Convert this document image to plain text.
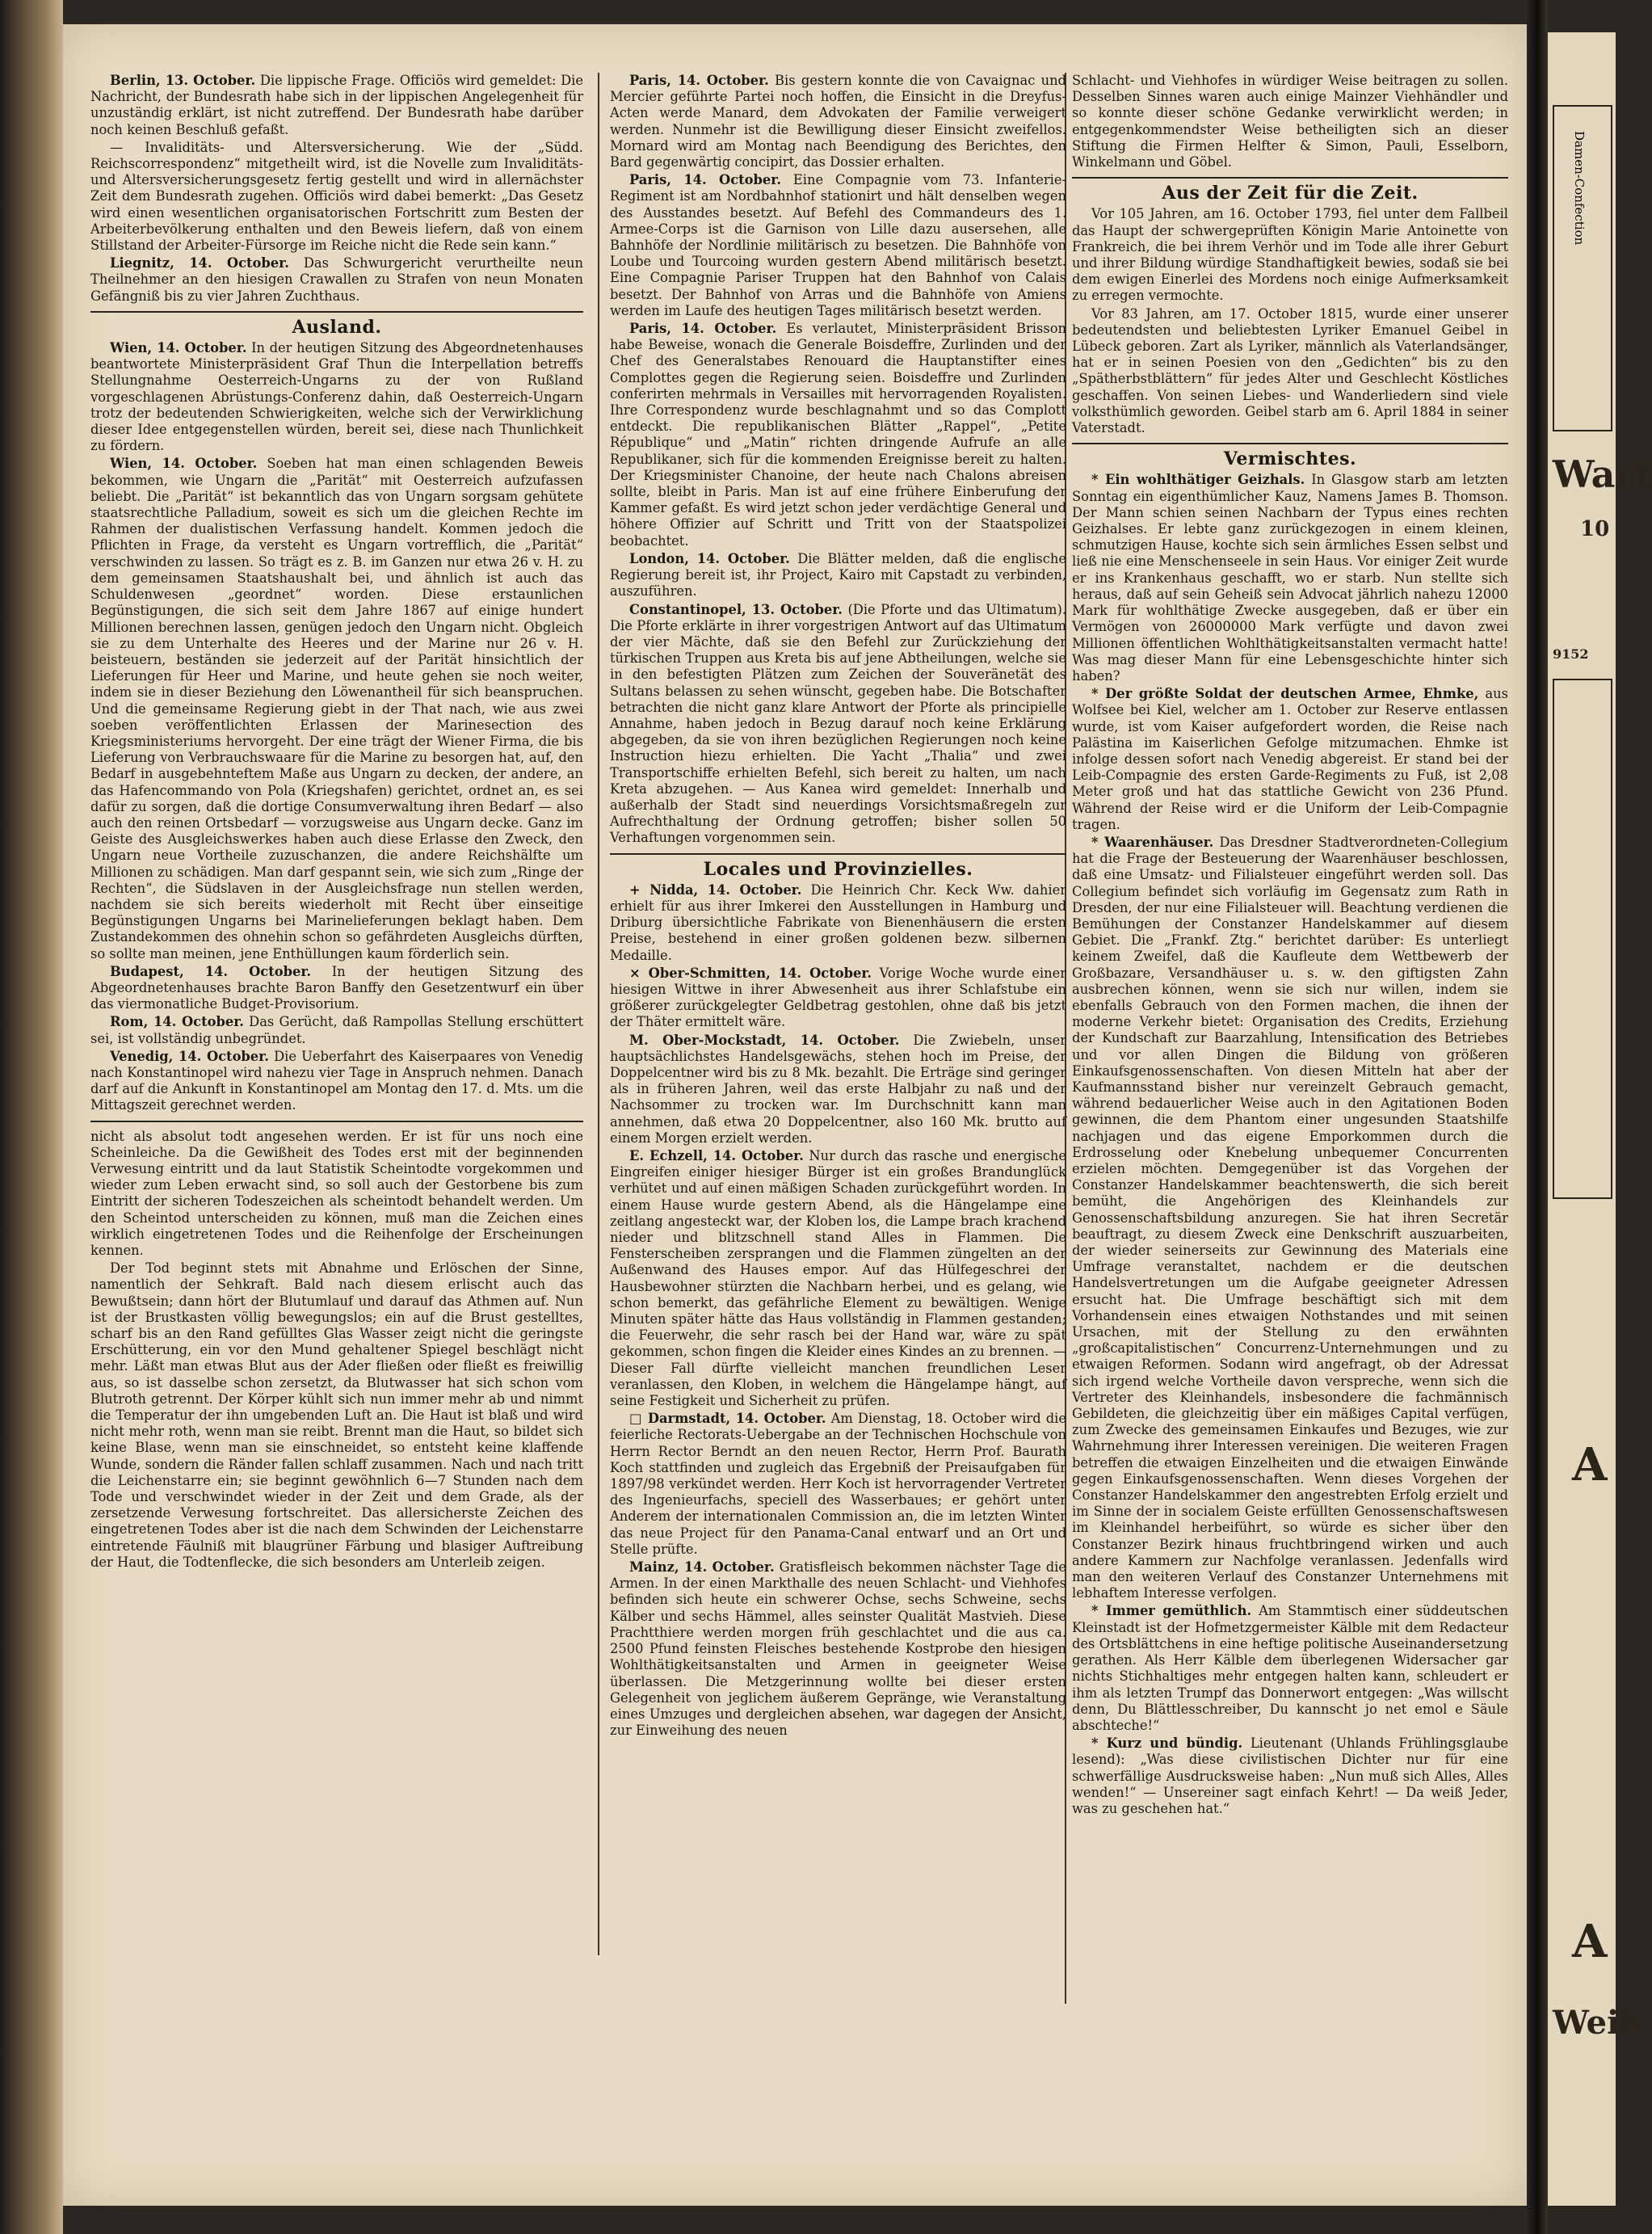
Damen-Confection
Wart
10
9152
A
A
Weiß

Berlin, 13. October. Die lippische Frage. Officiös wird gemeldet: Die Nachricht, der Bundesrath habe sich in der lippischen Angelegenheit für unzuständig erklärt, ist nicht zutreffend. Der Bundesrath habe darüber noch keinen Beschluß gefaßt.

— Invaliditäts- und Altersversicherung. Wie der „Südd. Reichscorrespondenz“ mitgetheilt wird, ist die Novelle zum Invaliditäts- und Altersversicherungsgesetz fertig gestellt und wird in allernächster Zeit dem Bundesrath zugehen. Officiös wird dabei bemerkt: „Das Gesetz wird einen wesentlichen organisatorischen Fortschritt zum Besten der Arbeiterbevölkerung enthalten und den Beweis liefern, daß von einem Stillstand der Arbeiter-Fürsorge im Reiche nicht die Rede sein kann.“

Liegnitz, 14. October. Das Schwurgericht verurtheilte neun Theilnehmer an den hiesigen Crawallen zu Strafen von neun Monaten Gefängniß bis zu vier Jahren Zuchthaus.

Ausland.

Wien, 14. October. In der heutigen Sitzung des Abgeordnetenhauses beantwortete Ministerpräsident Graf Thun die Interpellation betreffs Stellungnahme Oesterreich-Ungarns zu der von Rußland vorgeschlagenen Abrüstungs-Conferenz dahin, daß Oesterreich-Ungarn trotz der bedeutenden Schwierigkeiten, welche sich der Verwirklichung dieser Idee entgegenstellen würden, bereit sei, diese nach Thunlichkeit zu fördern.

Wien, 14. October. Soeben hat man einen schlagenden Beweis bekommen, wie Ungarn die „Parität“ mit Oesterreich aufzufassen beliebt. Die „Parität“ ist bekanntlich das von Ungarn sorgsam gehütete staatsrechtliche Palladium, soweit es sich um die gleichen Rechte im Rahmen der dualistischen Verfassung handelt. Kommen jedoch die Pflichten in Frage, da versteht es Ungarn vortrefflich, die „Parität“ verschwinden zu lassen. So trägt es z. B. im Ganzen nur etwa 26 v. H. zu dem gemeinsamen Staatshaushalt bei, und ähnlich ist auch das Schuldenwesen „geordnet“ worden. Diese erstaunlichen Begünstigungen, die sich seit dem Jahre 1867 auf einige hundert Millionen berechnen lassen, genügen jedoch den Ungarn nicht. Obgleich sie zu dem Unterhalte des Heeres und der Marine nur 26 v. H. beisteuern, beständen sie jederzeit auf der Parität hinsichtlich der Lieferungen für Heer und Marine, und heute gehen sie noch weiter, indem sie in dieser Beziehung den Löwenantheil für sich beanspruchen. Und die gemeinsame Regierung giebt in der That nach, wie aus zwei soeben veröffentlichten Erlassen der Marinesection des Kriegsministeriums hervorgeht. Der eine trägt der Wiener Firma, die bis Lieferung von Verbrauchswaare für die Marine zu besorgen hat, auf, den Bedarf in ausgebehnteftem Maße aus Ungarn zu decken, der andere, an das Hafencommando von Pola (Kriegshafen) gerichtet, ordnet an, es sei dafür zu sorgen, daß die dortige Consumverwaltung ihren Bedarf — also auch den reinen Ortsbedarf — vorzugsweise aus Ungarn decke. Ganz im Geiste des Ausgleichswerkes haben auch diese Erlasse den Zweck, den Ungarn neue Vortheile zuzuschanzen, die andere Reichshälfte um Millionen zu schädigen. Man darf gespannt sein, wie sich zum „Ringe der Rechten“, die Südslaven in der Ausgleichsfrage nun stellen werden, nachdem sie sich bereits wiederholt mit Recht über einseitige Begünstigungen Ungarns bei Marinelieferungen beklagt haben. Dem Zustandekommen des ohnehin schon so gefährdeten Ausgleichs dürften, so sollte man meinen, jene Enthüllungen kaum förderlich sein.

Budapest, 14. October. In der heutigen Sitzung des Abgeordnetenhauses brachte Baron Banffy den Gesetzentwurf ein über das viermonatliche Budget-Provisorium.

Rom, 14. October. Das Gerücht, daß Rampollas Stellung erschüttert sei, ist vollständig unbegründet.

Venedig, 14. October. Die Ueberfahrt des Kaiserpaares von Venedig nach Konstantinopel wird nahezu vier Tage in Anspruch nehmen. Danach darf auf die Ankunft in Konstantinopel am Montag den 17. d. Mts. um die Mittagszeit gerechnet werden.

nicht als absolut todt angesehen werden. Er ist für uns noch eine Scheinleiche. Da die Gewißheit des Todes erst mit der beginnenden Verwesung eintritt und da laut Statistik Scheintodte vorgekommen und wieder zum Leben erwacht sind, so soll auch der Gestorbene bis zum Eintritt der sicheren Todeszeichen als scheintodt behandelt werden. Um den Scheintod unterscheiden zu können, muß man die Zeichen eines wirklich eingetretenen Todes und die Reihenfolge der Erscheinungen kennen.

Der Tod beginnt stets mit Abnahme und Erlöschen der Sinne, namentlich der Sehkraft. Bald nach diesem erlischt auch das Bewußtsein; dann hört der Blutumlauf und darauf das Athmen auf. Nun ist der Brustkasten völlig bewegungslos; ein auf die Brust gestelltes, scharf bis an den Rand gefülltes Glas Wasser zeigt nicht die geringste Erschütterung, ein vor den Mund gehaltener Spiegel beschlägt nicht mehr. Läßt man etwas Blut aus der Ader fließen oder fließt es freiwillig aus, so ist dasselbe schon zersetzt, da Blutwasser hat sich schon vom Blutroth getrennt. Der Körper kühlt sich nun immer mehr ab und nimmt die Temperatur der ihn umgebenden Luft an. Die Haut ist blaß und wird nicht mehr roth, wenn man sie reibt. Brennt man die Haut, so bildet sich keine Blase, wenn man sie einschneidet, so entsteht keine klaffende Wunde, sondern die Ränder fallen schlaff zusammen. Nach und nach tritt die Leichenstarre ein; sie beginnt gewöhnlich 6—7 Stunden nach dem Tode und verschwindet wieder in der Zeit und dem Grade, als der zersetzende Verwesung fortschreitet. Das allersicherste Zeichen des eingetretenen Todes aber ist die nach dem Schwinden der Leichenstarre eintretende Fäulniß mit blaugrüner Färbung und blasiger Auftreibung der Haut, die Todtenflecke, die sich besonders am Unterleib zeigen.

Paris, 14. October. Bis gestern konnte die von Cavaignac und Mercier geführte Partei noch hoffen, die Einsicht in die Dreyfus-Acten werde Manard, dem Advokaten der Familie verweigert werden. Nunmehr ist die Bewilligung dieser Einsicht zweifellos. Mornard wird am Montag nach Beendigung des Berichtes, den Bard gegenwärtig concipirt, das Dossier erhalten.

Paris, 14. October. Eine Compagnie vom 73. Infanterie-Regiment ist am Nordbahnhof stationirt und hält denselben wegen des Ausstandes besetzt. Auf Befehl des Commandeurs des 1. Armee-Corps ist die Garnison von Lille dazu ausersehen, alle Bahnhöfe der Nordlinie militärisch zu besetzen. Die Bahnhöfe von Loube und Tourcoing wurden gestern Abend militärisch besetzt. Eine Compagnie Pariser Truppen hat den Bahnhof von Calais besetzt. Der Bahnhof von Arras und die Bahnhöfe von Amiens werden im Laufe des heutigen Tages militärisch besetzt werden.

Paris, 14. October. Es verlautet, Ministerpräsident Brisson habe Beweise, wonach die Generale Boisdeffre, Zurlinden und der Chef des Generalstabes Renouard die Hauptanstifter eines Complottes gegen die Regierung seien. Boisdeffre und Zurlinden conferirten mehrmals in Versailles mit hervorragenden Royalisten. Ihre Correspondenz wurde beschlagnahmt und so das Complott entdeckt. Die republikanischen Blätter „Rappel“, „Petite République“ und „Matin“ richten dringende Aufrufe an alle Republikaner, sich für die kommenden Ereignisse bereit zu halten. Der Kriegsminister Chanoine, der heute nach Chalons abreisen sollte, bleibt in Paris. Man ist auf eine frühere Einberufung der Kammer gefaßt. Es wird jetzt schon jeder verdächtige General und höhere Offizier auf Schritt und Tritt von der Staatspolizei beobachtet.

London, 14. October. Die Blätter melden, daß die englische Regierung bereit ist, ihr Project, Kairo mit Capstadt zu verbinden, auszuführen.

Constantinopel, 13. October. (Die Pforte und das Ultimatum). Die Pforte erklärte in ihrer vorgestrigen Antwort auf das Ultimatum der vier Mächte, daß sie den Befehl zur Zurückziehung der türkischen Truppen aus Kreta bis auf jene Abtheilungen, welche sie in den befestigten Plätzen zum Zeichen der Souveränetät des Sultans belassen zu sehen wünscht, gegeben habe. Die Botschafter betrachten die nicht ganz klare Antwort der Pforte als principielle Annahme, haben jedoch in Bezug darauf noch keine Erklärung abgegeben, da sie von ihren bezüglichen Regierungen noch keine Instruction hiezu erhielten. Die Yacht „Thalia“ und zwei Transportschiffe erhielten Befehl, sich bereit zu halten, um nach Kreta abzugehen. — Aus Kanea wird gemeldet: Innerhalb und außerhalb der Stadt sind neuerdings Vorsichtsmaßregeln zur Aufrechthaltung der Ordnung getroffen; bisher sollen 50 Verhaftungen vorgenommen sein.

Locales und Provinzielles.

+ Nidda, 14. October. Die Heinrich Chr. Keck Ww. dahier erhielt für aus ihrer Imkerei den Ausstellungen in Hamburg und Driburg übersichtliche Fabrikate von Bienenhäusern die ersten Preise, bestehend in einer großen goldenen bezw. silbernen Medaille.

× Ober-Schmitten, 14. October. Vorige Woche wurde einer hiesigen Wittwe in ihrer Abwesenheit aus ihrer Schlafstube ein größerer zurückgelegter Geldbetrag gestohlen, ohne daß bis jetzt der Thäter ermittelt wäre.

M. Ober-Mockstadt, 14. October. Die Zwiebeln, unser hauptsächlichstes Handelsgewächs, stehen hoch im Preise, der Doppelcentner wird bis zu 8 Mk. bezahlt. Die Erträge sind geringer als in früheren Jahren, weil das erste Halbjahr zu naß und der Nachsommer zu trocken war. Im Durchschnitt kann man annehmen, daß etwa 20 Doppelcentner, also 160 Mk. brutto auf einem Morgen erzielt werden.

E. Echzell, 14. October. Nur durch das rasche und energische Eingreifen einiger hiesiger Bürger ist ein großes Brandunglück verhütet und auf einen mäßigen Schaden zurückgeführt worden. In einem Hause wurde gestern Abend, als die Hängelampe eine zeitlang angesteckt war, der Kloben los, die Lampe brach krachend nieder und blitzschnell stand Alles in Flammen. Die Fensterscheiben zersprangen und die Flammen züngelten an der Außenwand des Hauses empor. Auf das Hülfegeschrei der Hausbewohner stürzten die Nachbarn herbei, und es gelang, wie schon bemerkt, das gefährliche Element zu bewältigen. Wenige Minuten später hätte das Haus vollständig in Flammen gestanden; die Feuerwehr, die sehr rasch bei der Hand war, wäre zu spät gekommen, schon fingen die Kleider eines Kindes an zu brennen. — Dieser Fall dürfte vielleicht manchen freundlichen Leser veranlassen, den Kloben, in welchem die Hängelampe hängt, auf seine Festigkeit und Sicherheit zu prüfen.

□ Darmstadt, 14. October. Am Dienstag, 18. October wird die feierliche Rectorats-Uebergabe an der Technischen Hochschule von Herrn Rector Berndt an den neuen Rector, Herrn Prof. Baurath Koch stattfinden und zugleich das Ergebniß der Preisaufgaben für 1897/98 verkündet werden. Herr Koch ist hervorragender Vertreter des Ingenieurfachs, speciell des Wasserbaues; er gehört unter Anderem der internationalen Commission an, die im letzten Winter das neue Project für den Panama-Canal entwarf und an Ort und Stelle prüfte.

Mainz, 14. October. Gratisfleisch bekommen nächster Tage die Armen. In der einen Markthalle des neuen Schlacht- und Viehhofes befinden sich heute ein schwerer Ochse, sechs Schweine, sechs Kälber und sechs Hämmel, alles seinster Qualität Mastvieh. Diese Prachtthiere werden morgen früh geschlachtet und die aus ca. 2500 Pfund feinsten Fleisches bestehende Kostprobe den hiesigen Wohlthätigkeitsanstalten und Armen in geeigneter Weise überlassen. Die Metzgerinnung wollte bei dieser ersten Gelegenheit von jeglichem äußerem Gepränge, wie Veranstaltung eines Umzuges und dergleichen absehen, war dagegen der Ansicht, zur Einweihung des neuen

Schlacht- und Viehhofes in würdiger Weise beitragen zu sollen. Desselben Sinnes waren auch einige Mainzer Viehhändler und so konnte dieser schöne Gedanke verwirklicht werden; in entgegenkommendster Weise betheiligten sich an dieser Stiftung die Firmen Helfter & Simon, Pauli, Esselborn, Winkelmann und Göbel.

Aus der Zeit für die Zeit.

Vor 105 Jahren, am 16. October 1793, fiel unter dem Fallbeil das Haupt der schwergeprüften Königin Marie Antoinette von Frankreich, die bei ihrem Verhör und im Tode alle ihrer Geburt und ihrer Bildung würdige Standhaftigkeit bewies, sodaß sie bei dem ewigen Einerlei des Mordens noch einige Aufmerksamkeit zu erregen vermochte.

Vor 83 Jahren, am 17. October 1815, wurde einer unserer bedeutendsten und beliebtesten Lyriker Emanuel Geibel in Lübeck geboren. Zart als Lyriker, männlich als Vaterlandsänger, hat er in seinen Poesien von den „Gedichten“ bis zu den „Spätherbstblättern“ für jedes Alter und Geschlecht Köstliches geschaffen. Von seinen Liebes- und Wanderliedern sind viele volksthümlich geworden. Geibel starb am 6. April 1884 in seiner Vaterstadt.

Vermischtes.

* Ein wohlthätiger Geizhals. In Glasgow starb am letzten Sonntag ein eigenthümlicher Kauz, Namens James B. Thomson. Der Mann schien seinen Nachbarn der Typus eines rechten Geizhalses. Er lebte ganz zurückgezogen in einem kleinen, schmutzigen Hause, kochte sich sein ärmliches Essen selbst und ließ nie eine Menschenseele in sein Haus. Vor einiger Zeit wurde er ins Krankenhaus geschafft, wo er starb. Nun stellte sich heraus, daß auf sein Geheiß sein Advocat jährlich nahezu 12000 Mark für wohlthätige Zwecke ausgegeben, daß er über ein Vermögen von 26000000 Mark verfügte und davon zwei Millionen öffentlichen Wohlthätigkeitsanstalten vermacht hatte! Was mag dieser Mann für eine Lebensgeschichte hinter sich haben?

* Der größte Soldat der deutschen Armee, Ehmke, aus Wolfsee bei Kiel, welcher am 1. October zur Reserve entlassen wurde, ist vom Kaiser aufgefordert worden, die Reise nach Palästina im Kaiserlichen Gefolge mitzumachen. Ehmke ist infolge dessen sofort nach Venedig abgereist. Er stand bei der Leib-Compagnie des ersten Garde-Regiments zu Fuß, ist 2,08 Meter groß und hat das stattliche Gewicht von 236 Pfund. Während der Reise wird er die Uniform der Leib-Compagnie tragen.

* Waarenhäuser. Das Dresdner Stadtverordneten-Collegium hat die Frage der Besteuerung der Waarenhäuser beschlossen, daß eine Umsatz- und Filialsteuer eingeführt werden soll. Das Collegium befindet sich vorläufig im Gegensatz zum Rath in Dresden, der nur eine Filialsteuer will. Beachtung verdienen die Bemühungen der Constanzer Handelskammer auf diesem Gebiet. Die „Frankf. Ztg.“ berichtet darüber: Es unterliegt keinem Zweifel, daß die Kaufleute dem Wettbewerb der Großbazare, Versandhäuser u. s. w. den giftigsten Zahn ausbrechen können, wenn sie sich nur willen, indem sie ebenfalls Gebrauch von den Formen machen, die ihnen der moderne Verkehr bietet: Organisation des Credits, Erziehung der Kundschaft zur Baarzahlung, Intensification des Betriebes und vor allen Dingen die Bildung von größeren Einkaufsgenossenschaften. Von diesen Mitteln hat aber der Kaufmannsstand bisher nur vereinzelt Gebrauch gemacht, während bedauerlicher Weise auch in den Agitationen Boden gewinnen, die dem Phantom einer ungesunden Staatshilfe nachjagen und das eigene Emporkommen durch die Erdrosselung oder Knebelung unbequemer Concurrenten erzielen möchten. Demgegenüber ist das Vorgehen der Constanzer Handelskammer beachtenswerth, die sich bereit bemüht, die Angehörigen des Kleinhandels zur Genossenschaftsbildung anzuregen. Sie hat ihren Secretär beauftragt, zu diesem Zweck eine Denkschrift auszuarbeiten, der wieder seinerseits zur Gewinnung des Materials eine Umfrage veranstaltet, nachdem er die deutschen Handelsvertretungen um die Aufgabe geeigneter Adressen ersucht hat. Die Umfrage beschäftigt sich mit dem Vorhandensein eines etwaigen Nothstandes und mit seinen Ursachen, mit der Stellung zu den erwähnten „großcapitalistischen“ Concurrenz-Unternehmungen und zu etwaigen Reformen. Sodann wird angefragt, ob der Adressat sich irgend welche Vortheile davon verspreche, wenn sich die Vertreter des Kleinhandels, insbesondere die fachmännisch Gebildeten, die gleichzeitig über ein mäßiges Capital verfügen, zum Zwecke des gemeinsamen Einkaufes und Bezuges, wie zur Wahrnehmung ihrer Interessen vereinigen. Die weiteren Fragen betreffen die etwaigen Einzelheiten und die etwaigen Einwände gegen Einkaufsgenossenschaften. Wenn dieses Vorgehen der Constanzer Handelskammer den angestrebten Erfolg erzielt und im Sinne der in socialem Geiste erfüllten Genossenschaftswesen im Kleinhandel herbeiführt, so würde es sicher über den Constanzer Bezirk hinaus fruchtbringend wirken und auch andere Kammern zur Nachfolge veranlassen. Jedenfalls wird man den weiteren Verlauf des Constanzer Unternehmens mit lebhaftem Interesse verfolgen.

* Immer gemüthlich. Am Stammtisch einer süddeutschen Kleinstadt ist der Hofmetzgermeister Kälble mit dem Redacteur des Ortsblättchens in eine heftige politische Auseinandersetzung gerathen. Als Herr Kälble dem überlegenen Widersacher gar nichts Stichhaltiges mehr entgegen halten kann, schleudert er ihm als letzten Trumpf das Donnerwort entgegen: „Was willscht denn, Du Blättlesschreiber, Du kannscht jo net emol e Säule abschteche!“

* Kurz und bündig. Lieutenant (Uhlands Frühlingsglaube lesend): „Was diese civilistischen Dichter nur für eine schwerfällige Ausdrucksweise haben: „Nun muß sich Alles, Alles wenden!“ — Unsereiner sagt einfach Kehrt! — Da weiß Jeder, was zu geschehen hat.“
